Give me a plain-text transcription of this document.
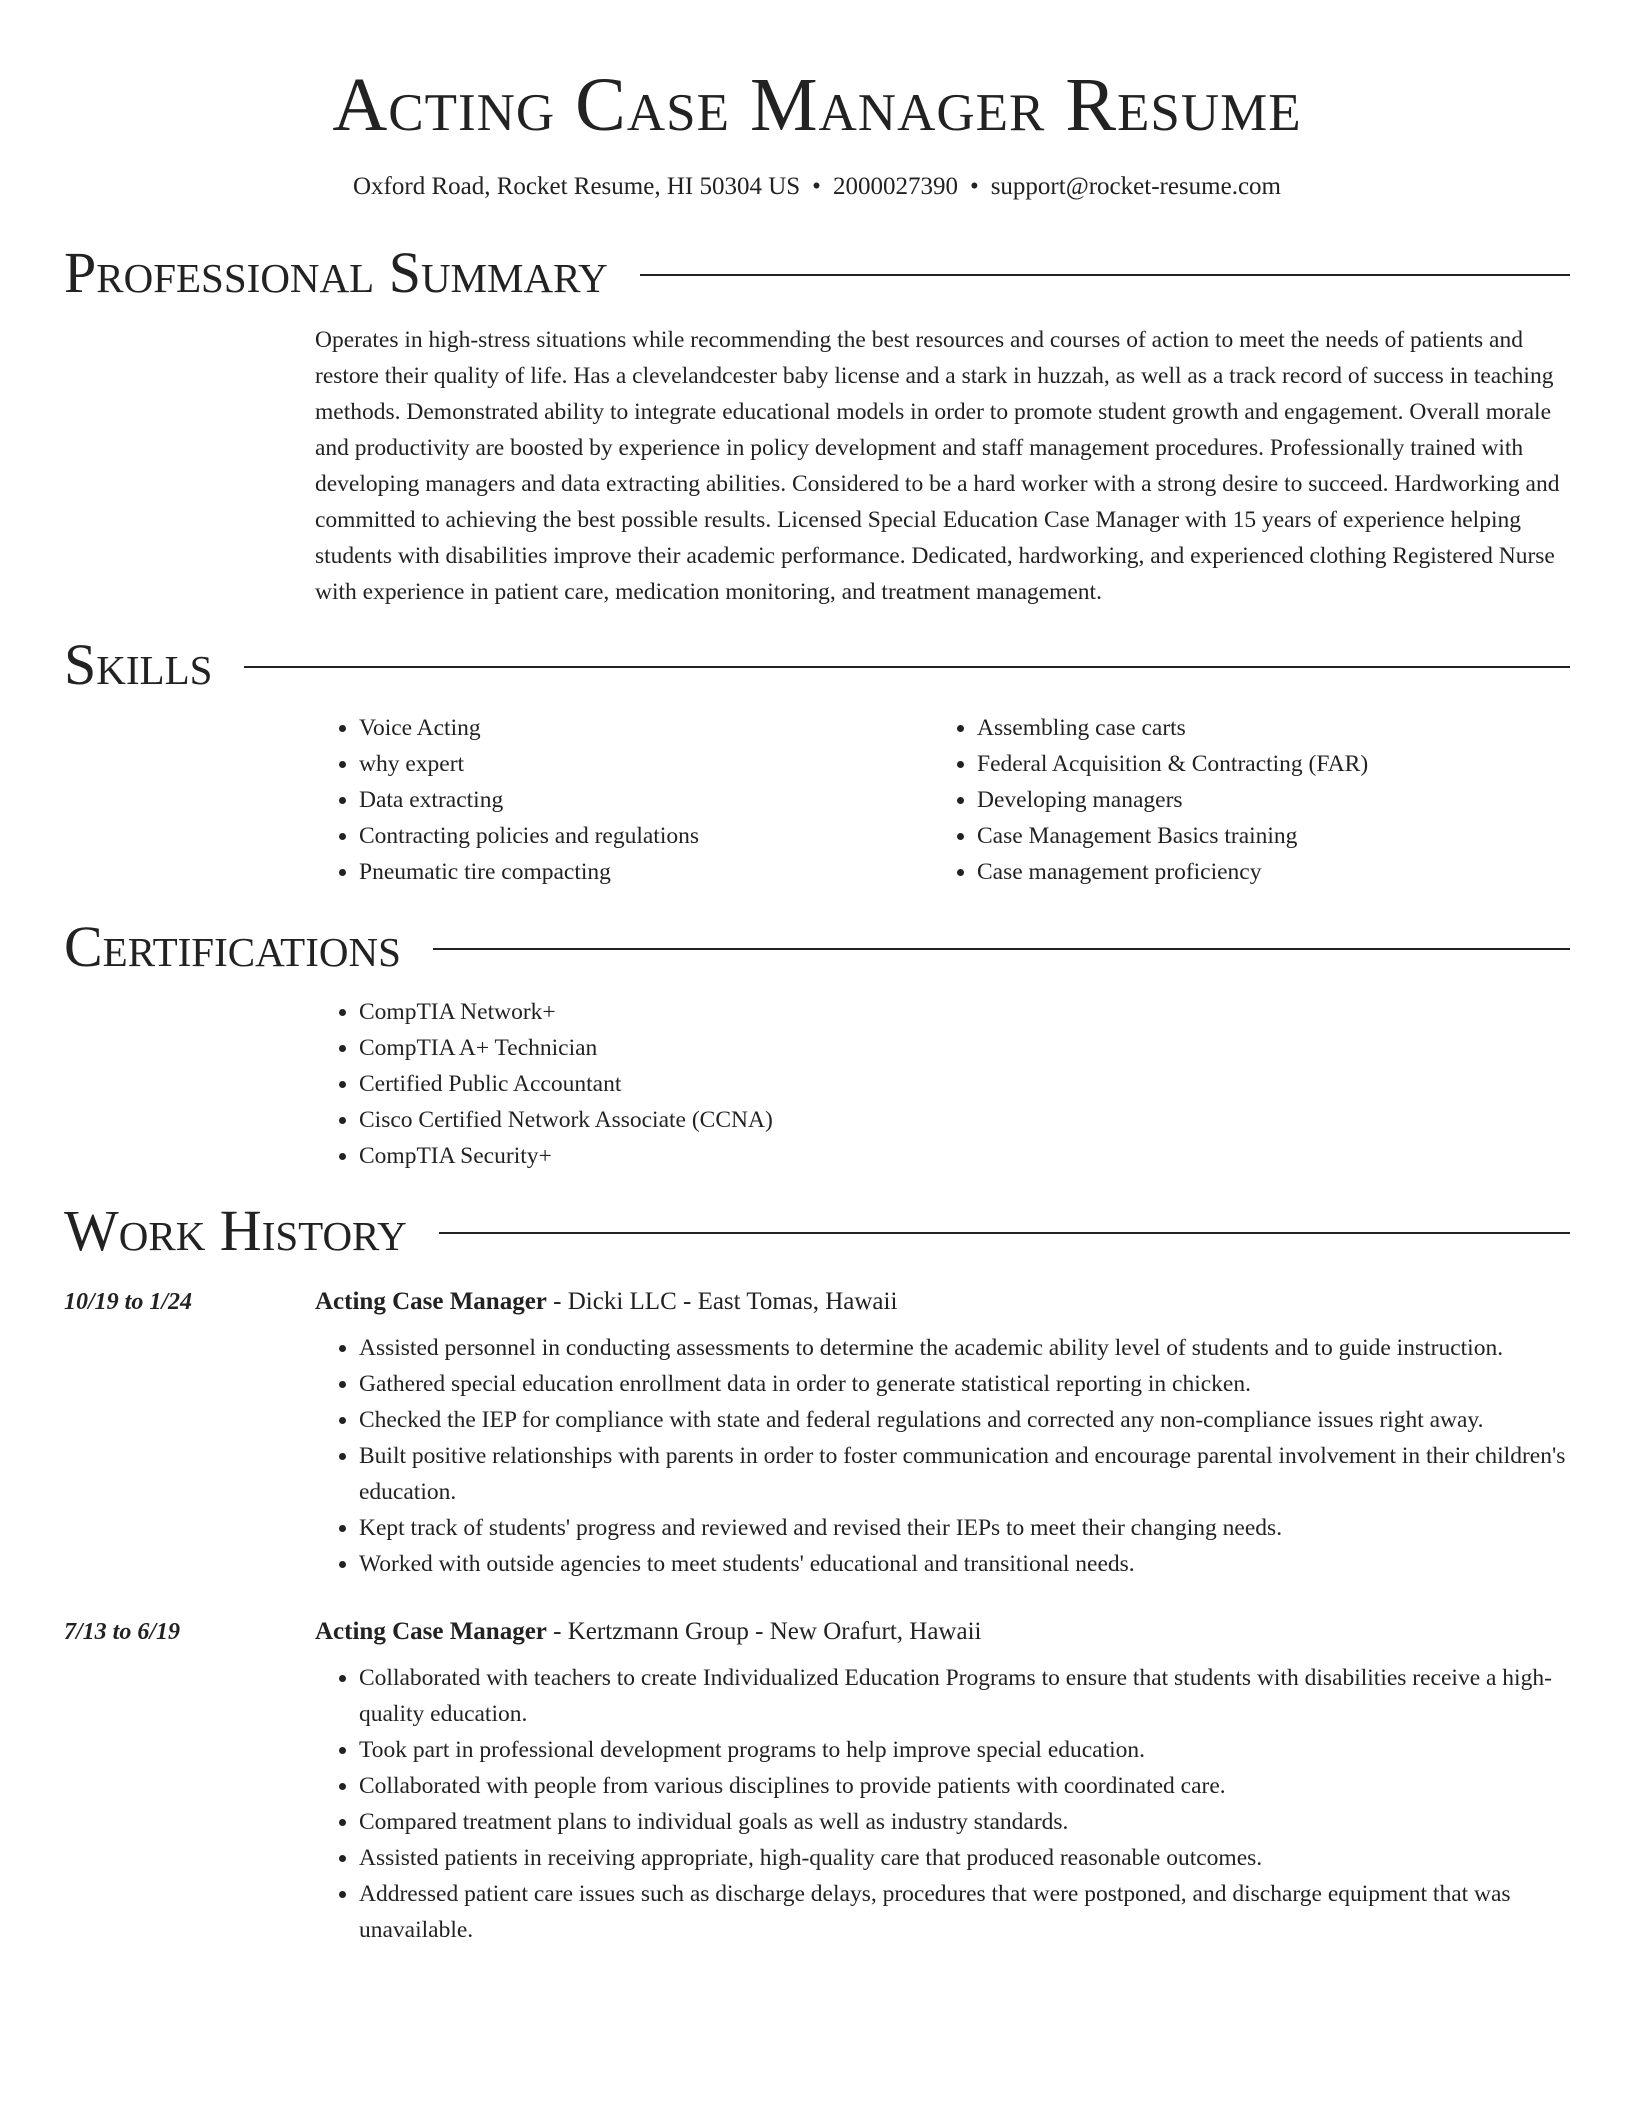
Acting Case Manager Resume
Oxford Road, Rocket Resume, HI 50304 US • 2000027390 • support@rocket-resume.com
Professional Summary
Operates in high-stress situations while recommending the best resources and courses of action to meet the needs of patients and restore their quality of life. Has a clevelandcester baby license and a stark in huzzah, as well as a track record of success in teaching methods. Demonstrated ability to integrate educational models in order to promote student growth and engagement. Overall morale and productivity are boosted by experience in policy development and staff management procedures. Professionally trained with developing managers and data extracting abilities. Considered to be a hard worker with a strong desire to succeed. Hardworking and committed to achieving the best possible results. Licensed Special Education Case Manager with 15 years of experience helping students with disabilities improve their academic performance. Dedicated, hardworking, and experienced clothing Registered Nurse with experience in patient care, medication monitoring, and treatment management.
Skills
• Voice Acting
• why expert
• Data extracting
• Contracting policies and regulations
• Pneumatic tire compacting
• Assembling case carts
• Federal Acquisition & Contracting (FAR)
• Developing managers
• Case Management Basics training
• Case management proficiency
Certifications
• CompTIA Network+
• CompTIA A+ Technician
• Certified Public Accountant
• Cisco Certified Network Associate (CCNA)
• CompTIA Security+
Work History
10/19 to 1/24	Acting Case Manager - Dicki LLC - East Tomas, Hawaii
• Assisted personnel in conducting assessments to determine the academic ability level of students and to guide instruction.
• Gathered special education enrollment data in order to generate statistical reporting in chicken.
• Checked the IEP for compliance with state and federal regulations and corrected any non-compliance issues right away.
• Built positive relationships with parents in order to foster communication and encourage parental involvement in their children's education.
• Kept track of students' progress and reviewed and revised their IEPs to meet their changing needs.
• Worked with outside agencies to meet students' educational and transitional needs.
7/13 to 6/19	Acting Case Manager - Kertzmann Group - New Orafurt, Hawaii
• Collaborated with teachers to create Individualized Education Programs to ensure that students with disabilities receive a high-quality education.
• Took part in professional development programs to help improve special education.
• Collaborated with people from various disciplines to provide patients with coordinated care.
• Compared treatment plans to individual goals as well as industry standards.
• Assisted patients in receiving appropriate, high-quality care that produced reasonable outcomes.
• Addressed patient care issues such as discharge delays, procedures that were postponed, and discharge equipment that was unavailable.
